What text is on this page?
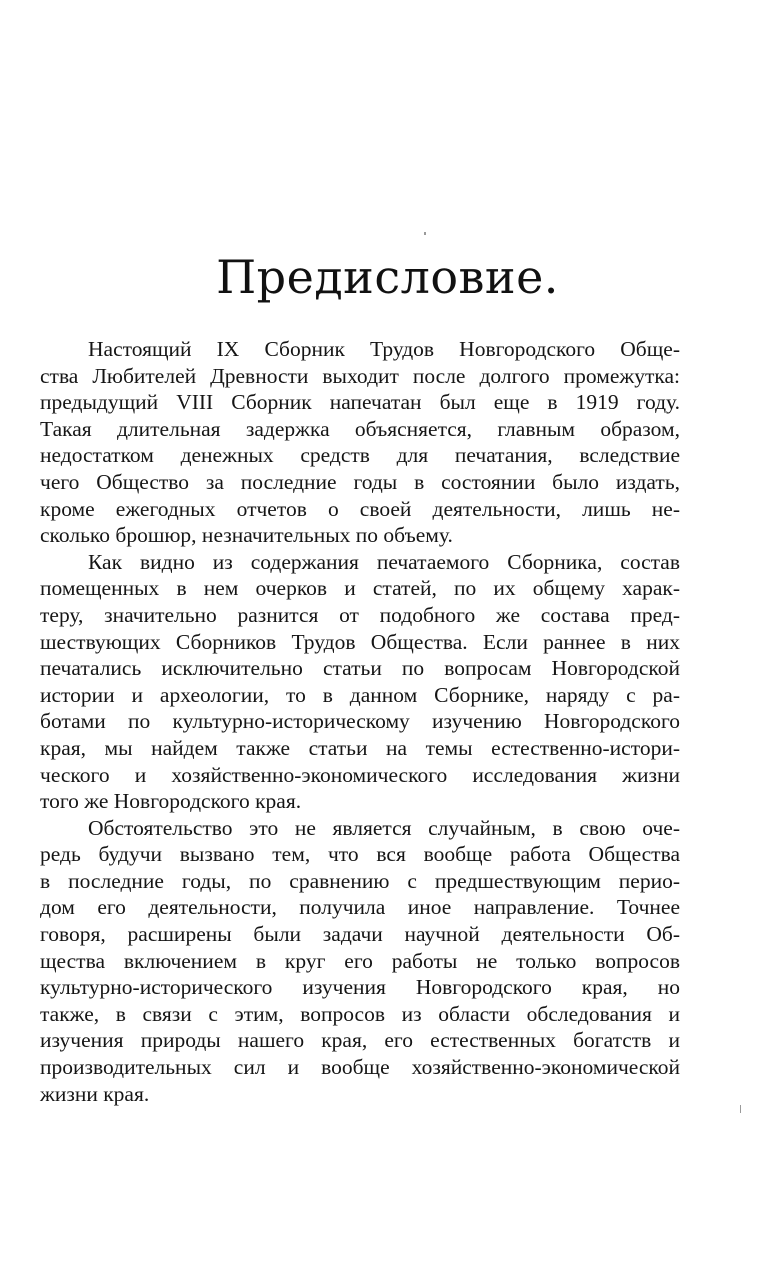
Предисловие.
Настоящий IX Сборник Трудов Новгородского Обще-
ства Любителей Древности выходит после долгого промежутка:
предыдущий VIII Сборник напечатан был еще в 1919 году.
Такая длительная задержка объясняется, главным образом,
недостатком денежных средств для печатания, вследствие
чего Общество за последние годы в состоянии было издать,
кроме ежегодных отчетов о своей деятельности, лишь не-
сколько брошюр, незначительных по объему.
Как видно из содержания печатаемого Сборника, состав
помещенных в нем очерков и статей, по их общему харак-
теру, значительно разнится от подобного же состава пред-
шествующих Сборников Трудов Общества. Если раннее в них
печатались исключительно статьи по вопросам Новгородской
истории и археологии, то в данном Сборнике, наряду с ра-
ботами по культурно-историческому изучению Новгородского
края, мы найдем также статьи на темы естественно-истори-
ческого и хозяйственно-экономического исследования жизни
того же Новгородского края.
Обстоятельство это не является случайным, в свою оче-
редь будучи вызвано тем, что вся вообще работа Общества
в последние годы, по сравнению с предшествующим перио-
дом его деятельности, получила иное направление. Точнее
говоря, расширены были задачи научной деятельности Об-
щества включением в круг его работы не только вопросов
культурно-исторического изучения Новгородского края, но
также, в связи с этим, вопросов из области обследования и
изучения природы нашего края, его естественных богатств и
производительных сил и вообще хозяйственно-экономической
жизни края.
